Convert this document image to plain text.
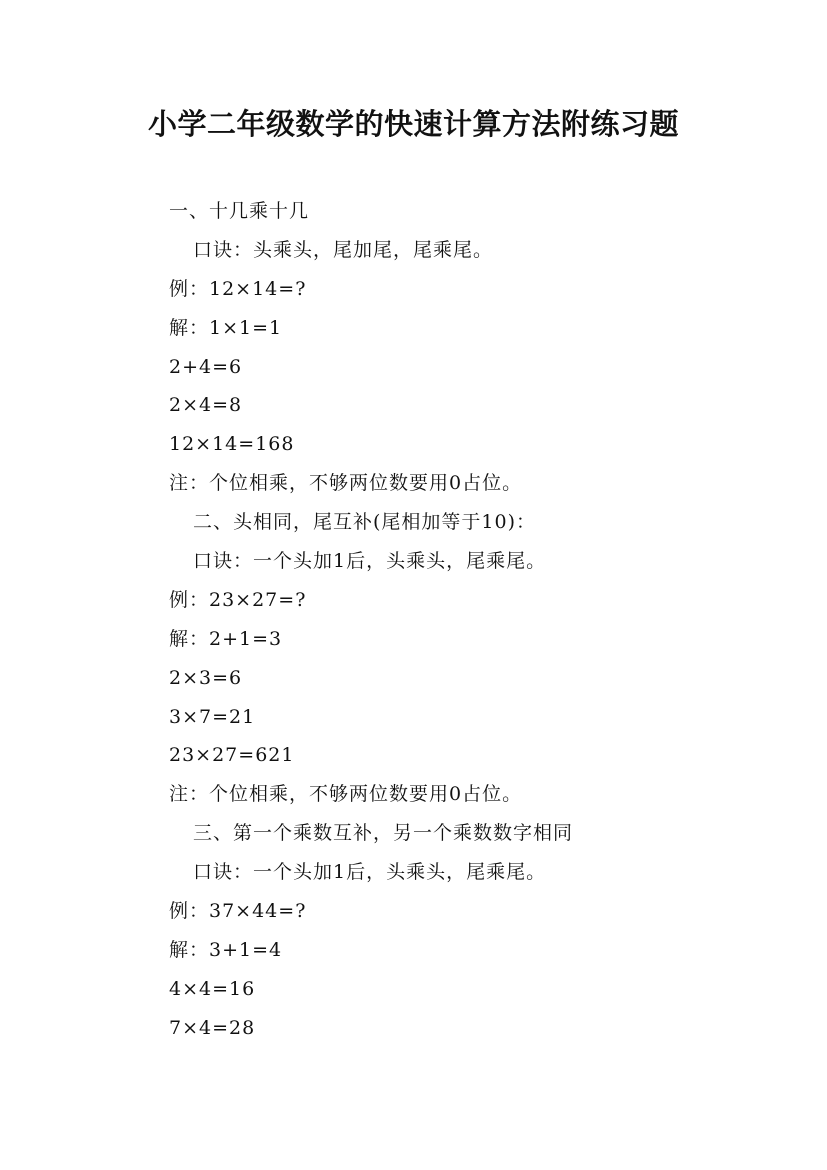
小学二年级数学的快速计算方法附练习题
一、十几乘十几
口诀：头乘头，尾加尾，尾乘尾。
例：12×14=?
解：1×1=1
2+4=6
2×4=8
12×14=168
注：个位相乘，不够两位数要用0占位。
二、头相同，尾互补(尾相加等于10)：
口诀：一个头加1后，头乘头，尾乘尾。
例：23×27=?
解：2+1=3
2×3=6
3×7=21
23×27=621
注：个位相乘，不够两位数要用0占位。
三、第一个乘数互补，另一个乘数数字相同
口诀：一个头加1后，头乘头，尾乘尾。
例：37×44=?
解：3+1=4
4×4=16
7×4=28
